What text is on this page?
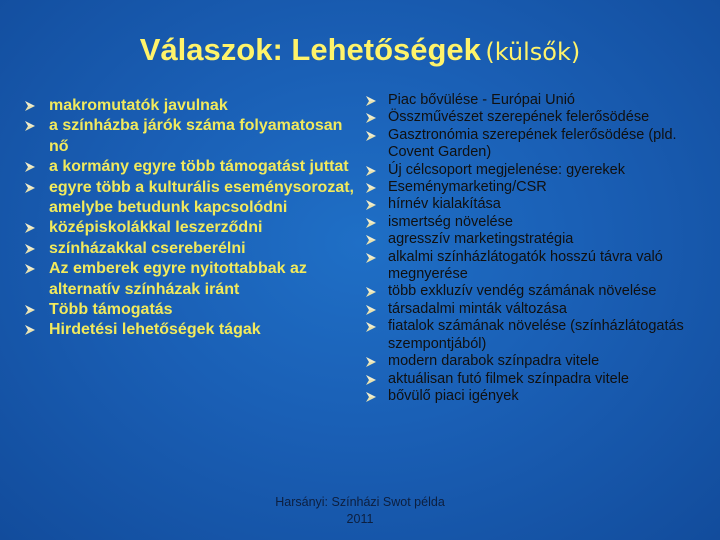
Válaszok: Lehetőségek (külsők)
makromutatók javulnak
a színházba járók száma folyamatosan nő
a kormány egyre több támogatást juttat
egyre több a kulturális eseménysorozat, amelybe betudunk kapcsolódni
középiskolákkal leszerződni
színházakkal csereberélni
Az emberek egyre nyitottabbak az alternatív színházak iránt
Több támogatás
Hirdetési lehetőségek tágak
Piac bővülése - Európai Unió
Összművészet szerepének felerősödése
Gasztronómia szerepének felerősödése (pld. Covent Garden)
Új célcsoport megjelenése: gyerekek
Eseménymarketing/CSR
hírnév kialakítása
ismertség növelése
agresszív marketingstratégia
alkalmi színházlátogatók hosszú távra való megnyerése
több exkluzív vendég számának növelése
társadalmi minták változása
fiatalok számának növelése (színházlátogatás szempontjából)
modern darabok színpadra vitele
aktuálisan futó filmek színpadra vitele
bővülő piaci igények
Harsányi: Színházi Swot példa
2011
